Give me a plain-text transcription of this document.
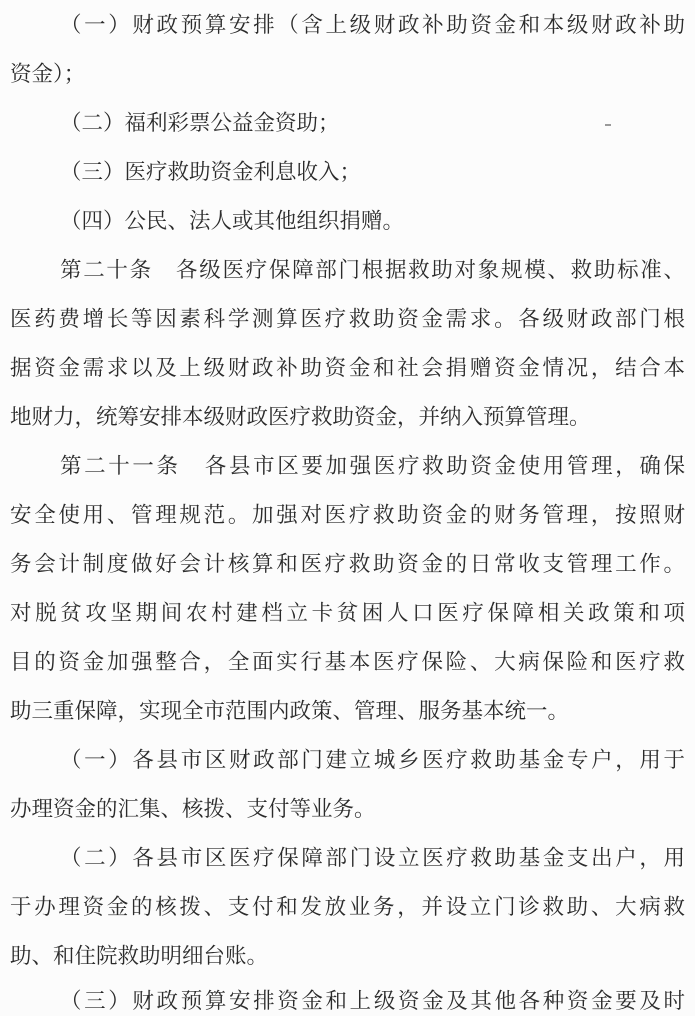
（一）财政预算安排（含上级财政补助资金和本级财政补助
资金）；
（二）福利彩票公益金资助；
（三）医疗救助资金利息收入；
（四）公民、法人或其他组织捐赠。
第二十条　各级医疗保障部门根据救助对象规模、救助标准、
医药费增长等因素科学测算医疗救助资金需求。各级财政部门根
据资金需求以及上级财政补助资金和社会捐赠资金情况，结合本
地财力，统筹安排本级财政医疗救助资金，并纳入预算管理。
第二十一条　各县市区要加强医疗救助资金使用管理，确保
安全使用、管理规范。加强对医疗救助资金的财务管理，按照财
务会计制度做好会计核算和医疗救助资金的日常收支管理工作。
对脱贫攻坚期间农村建档立卡贫困人口医疗保障相关政策和项
目的资金加强整合，全面实行基本医疗保险、大病保险和医疗救
助三重保障，实现全市范围内政策、管理、服务基本统一。
（一）各县市区财政部门建立城乡医疗救助基金专户，用于
办理资金的汇集、核拨、支付等业务。
（二）各县市区医疗保障部门设立医疗救助基金支出户，用
于办理资金的核拨、支付和发放业务，并设立门诊救助、大病救
助、和住院救助明细台账。
（三）财政预算安排资金和上级资金及其他各种资金要及时
